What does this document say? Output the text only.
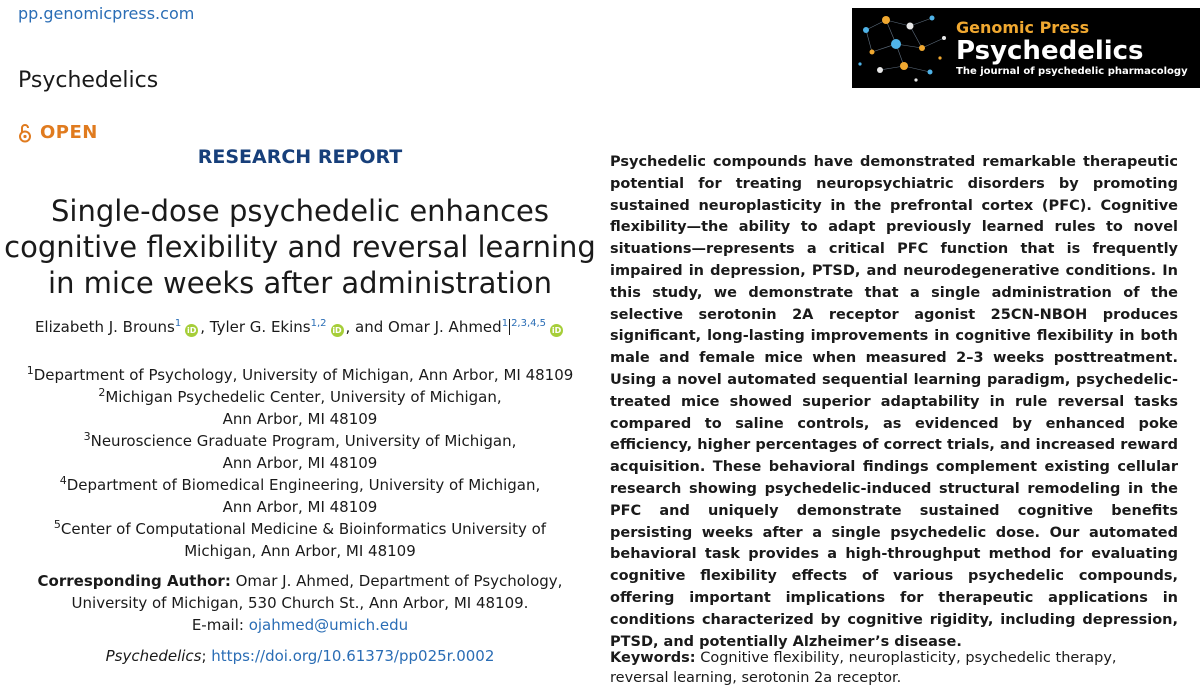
pp.genomicpress.com
Psychedelics
OPEN
RESEARCH REPORT
Single-dose psychedelic enhances cognitive flexibility and reversal learning in mice weeks after administration
Elizabeth J. Brouns$^1$iD , Tyler G. Ekins$^{1,2}$iD , and Omar J. Ahmed$^1$ $^{2,3,4,5}$iD
$^1$Department of Psychology, University of Michigan, Ann Arbor, MI 48109
$^2$Michigan Psychedelic Center, University of Michigan,
Ann Arbor, MI 48109
$^3$Neuroscience Graduate Program, University of Michigan,
Ann Arbor, MI 48109
$^4$Department of Biomedical Engineering, University of Michigan,
Ann Arbor, MI 48109
$^5$Center of Computational Medicine & Bioinformatics University of
Michigan, Ann Arbor, MI 48109
Corresponding Author: Omar J. Ahmed, Department of Psychology,
University of Michigan, 530 Church St., Ann Arbor, MI 48109.
E-mail: ojahmed@umich.edu
Psychedelics; https://doi.org/10.61373/pp025r.0002
Genomic Press
Psychedelics
The journal of psychedelic pharmacology
Psychedelic compounds have demonstrated remarkable therapeutic potential for treating neuropsychiatric disorders by promoting sustained neuroplasticity in the prefrontal cortex (PFC). Cognitive flexibility—the ability to adapt previously learned rules to novel situations—represents a critical PFC function that is frequently impaired in depression, PTSD, and neurodegenerative conditions. In this study, we demonstrate that a single administration of the selective serotonin 2A receptor agonist 25CN-NBOH produces significant, long-lasting improvements in cognitive flexibility in both male and female mice when measured 2–3 weeks posttreatment. Using a novel automated sequential learning paradigm, psychedelic-treated mice showed superior adaptability in rule reversal tasks compared to saline controls, as evidenced by enhanced poke efficiency, higher percentages of correct trials, and increased reward acquisition. These behavioral findings complement existing cellular research showing psychedelic-induced structural remodeling in the PFC and uniquely demonstrate sustained cognitive benefits persisting weeks after a single psychedelic dose. Our automated behavioral task provides a high-throughput method for evaluating cognitive flexibility effects of various psychedelic compounds, offering important implications for therapeutic applications in conditions characterized by cognitive rigidity, including depression, PTSD, and potentially Alzheimer’s disease.
Keywords: Cognitive flexibility, neuroplasticity, psychedelic therapy, reversal learning, serotonin 2a receptor.
